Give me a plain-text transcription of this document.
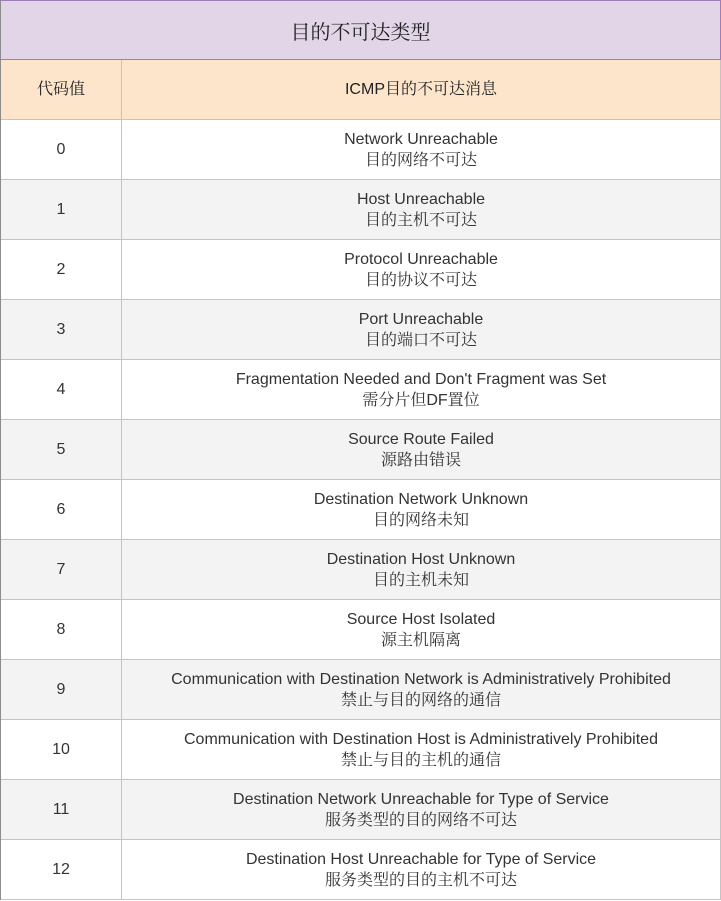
目的不可达类型
代码值	ICMP目的不可达消息
0	Network Unreachable
目的网络不可达

1	Host Unreachable
目的主机不可达

2	Protocol Unreachable
目的协议不可达

3	Port Unreachable
目的端口不可达

4	Fragmentation Needed and Don't Fragment was Set
需分片但DF置位

5	Source Route Failed
源路由错误

6	Destination Network Unknown
目的网络未知

7	Destination Host Unknown
目的主机未知

8	Source Host Isolated
源主机隔离

9	Communication with Destination Network is Administratively Prohibited
禁止与目的网络的通信

10	Communication with Destination Host is Administratively Prohibited
禁止与目的主机的通信

11	Destination Network Unreachable for Type of Service
服务类型的目的网络不可达

12	Destination Host Unreachable for Type of Service
服务类型的目的主机不可达
